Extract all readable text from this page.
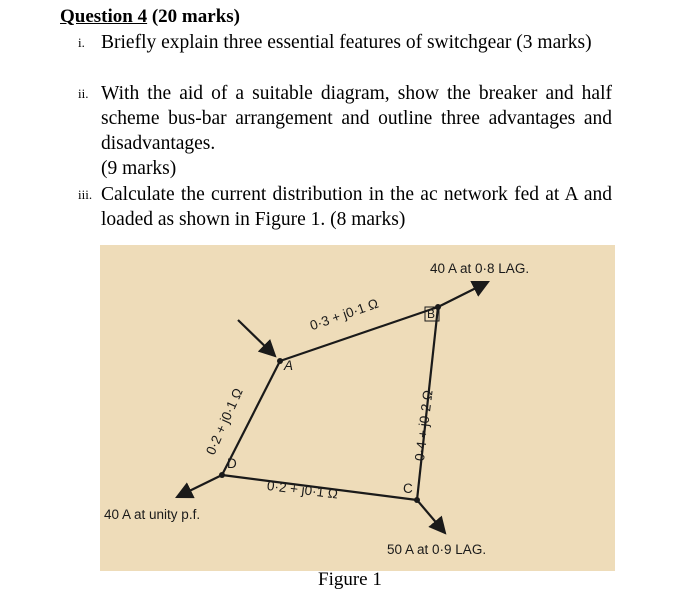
Question 4 (20 marks)
i. Briefly explain three essential features of switchgear (3 marks)
ii. With the aid of a suitable diagram, show the breaker and half scheme bus-bar arrangement and outline three advantages and disadvantages.
(9 marks)
iii. Calculate the current distribution in the ac network fed at A and loaded as shown in Figure 1. (8 marks)
A
B
C
D
0·3 + j0·1 Ω
0·4 + j0·2 Ω
0·2 + j0·1 Ω
0·2 + j0·1 Ω
40 A at 0·8 LAG.
50 A at 0·9 LAG.
40 A at unity p.f.
Figure 1
